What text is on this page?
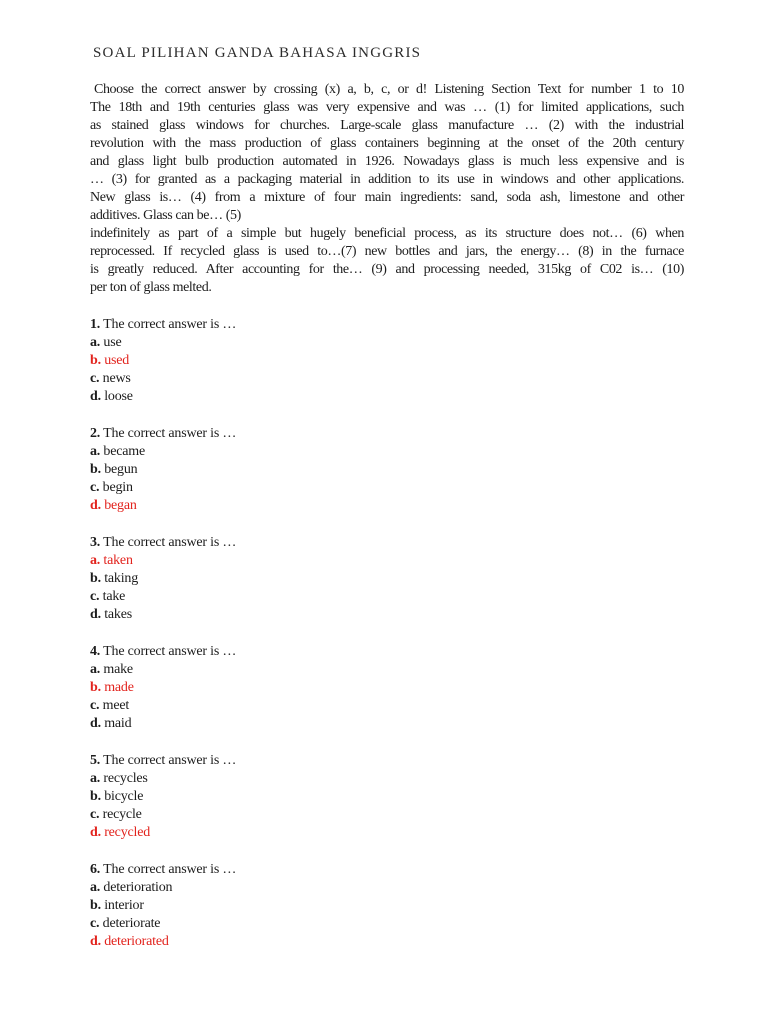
SOAL PILIHAN GANDA BAHASA INGGRIS
Choose the correct answer by crossing (x) a, b, c, or d! Listening Section Text for number 1 to 10
The 18th and 19th centuries glass was very expensive and was … (1) for limited applications, such
as stained glass windows for churches. Large-scale glass manufacture … (2) with the industrial
revolution with the mass production of glass containers beginning at the onset of the 20th century
and glass light bulb production automated in 1926. Nowadays glass is much less expensive and is
… (3) for granted as a packaging material in addition to its use in windows and other applications.
New glass is… (4) from a mixture of four main ingredients: sand, soda ash, limestone and other
additives. Glass can be… (5)
indefinitely as part of a simple but hugely beneficial process, as its structure does not… (6) when
reprocessed. If recycled glass is used to…(7) new bottles and jars, the energy… (8) in the furnace
is greatly reduced. After accounting for the… (9) and processing needed, 315kg of C02 is… (10)
per ton of glass melted.
1. The correct answer is …
a. use
b. used
c. news
d. loose
2. The correct answer is …
a. became
b. begun
c. begin
d. began
3. The correct answer is …
a. taken
b. taking
c. take
d. takes
4. The correct answer is …
a. make
b. made
c. meet
d. maid
5. The correct answer is …
a. recycles
b. bicycle
c. recycle
d. recycled
6. The correct answer is …
a. deterioration
b. interior
c. deteriorate
d. deteriorated
